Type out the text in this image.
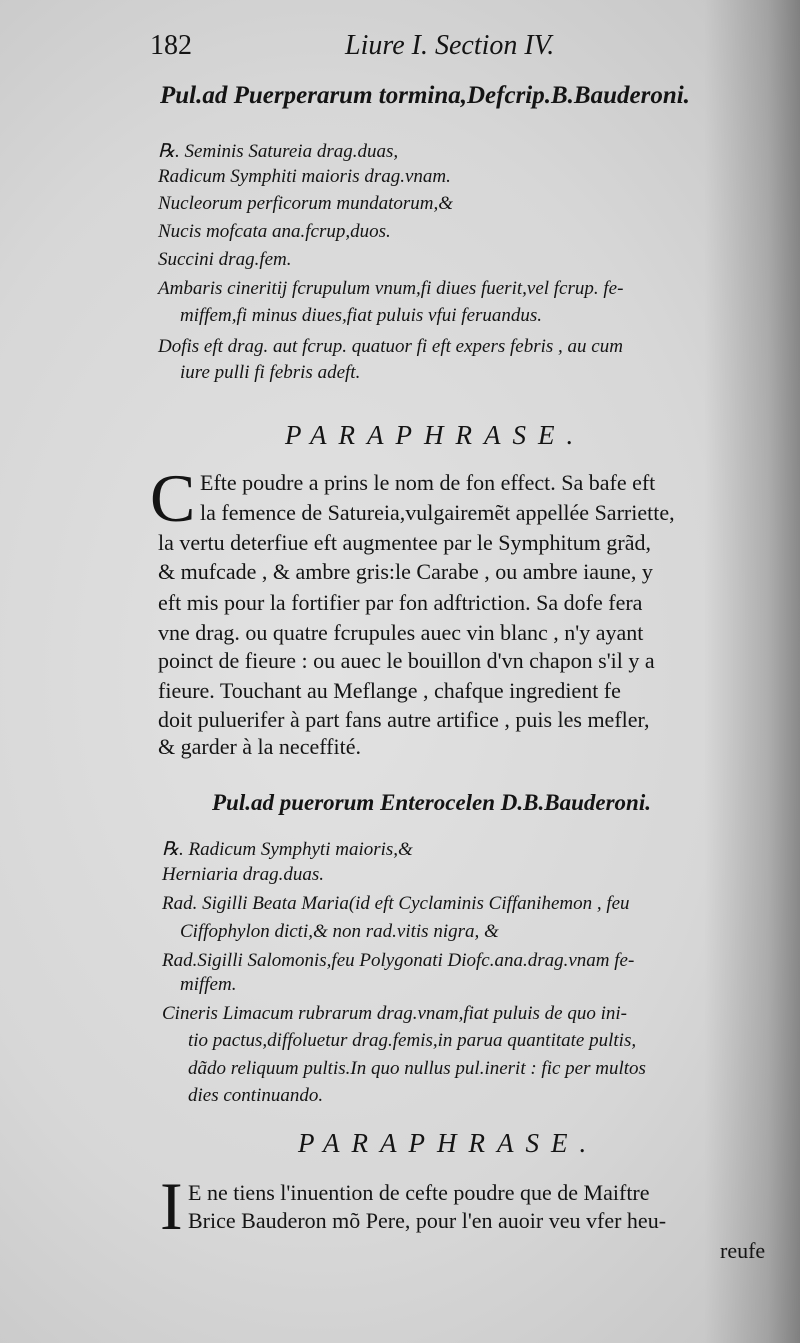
182	Liure I. Section IV.
Pul.ad Puerperarum tormina,Defcrip.B.Bauderoni.
℞. Seminis Satureia drag.duas,
Radicum Symphiti maioris drag.vnam.
Nucleorum perficorum mundatorum,&
Nucis mofcata ana.fcrup,duos.
Succini drag.fem.
Ambaris cineritij fcrupulum vnum,fi diues fuerit,vel fcrup. fe-
miffem,fi minus diues,fiat puluis vfui feruandus.
Dofis eft drag. aut fcrup. quatuor fi eft expers febris , au cum
iure pulli fi febris adeft.
PARAPHRASE.
C Efte poudre a prins le nom de fon effect. Sa bafe eft
la femence de Satureia,vulgairemẽt appellée Sarriette,
la vertu deterfiue eft augmentee par le Symphitum grãd,
& mufcade , & ambre gris:le Carabe , ou ambre iaune, y
eft mis pour la fortifier par fon adftriction. Sa dofe fera
vne drag. ou quatre fcrupules auec vin blanc , n'y ayant
poinct de fieure : ou auec le bouillon d'vn chapon s'il y a
fieure. Touchant au Meflange , chafque ingredient fe
doit puluerifer à part fans autre artifice , puis les mefler,
& garder à la neceffité.
Pul.ad puerorum Enterocelen D.B.Bauderoni.
℞. Radicum Symphyti maioris,&
Herniaria drag.duas.
Rad. Sigilli Beata Maria(id eft Cyclaminis Ciffanihemon , feu
Ciffophylon dicti,& non rad.vitis nigra, &
Rad.Sigilli Salomonis,feu Polygonati Diofc.ana.drag.vnam fe-
miffem.
Cineris Limacum rubrarum drag.vnam,fiat puluis de quo ini-
tio pactus,diffoluetur drag.femis,in parua quantitate pultis,
dãdo reliquum pultis.In quo nullus pul.inerit : fic per multos
dies continuando.
PARAPHRASE.
I E ne tiens l'inuention de cefte poudre que de Maiftre
Brice Bauderon mõ Pere, pour l'en auoir veu vfer heu-
reufe
